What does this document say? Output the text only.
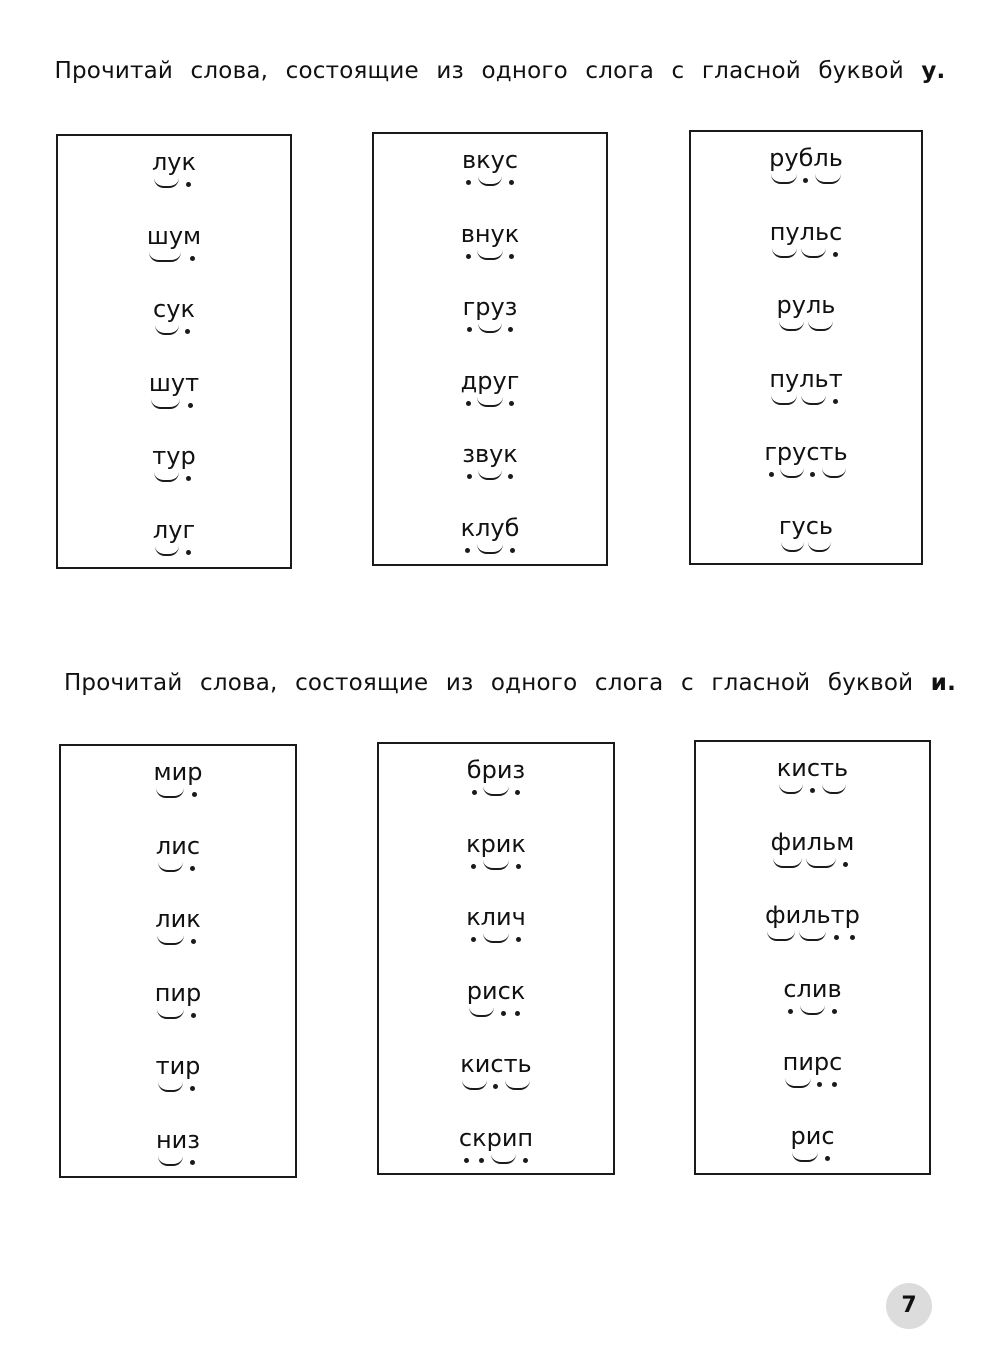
Прочитай слова, состоящие из одного слога с гласной буквой у.
Прочитай слова, состоящие из одного слога с гласной буквой и.
лук
шум
сук
шут
тур
луг
вкус
внук
груз
друг
звук
клуб
рубль
пульс
руль
пульт
грусть
гусь
мир
лис
лик
пир
тир
низ
бриз
крик
клич
риск
кисть
скрип
кисть
фильм
фильтр
слив
пирс
рис
7
